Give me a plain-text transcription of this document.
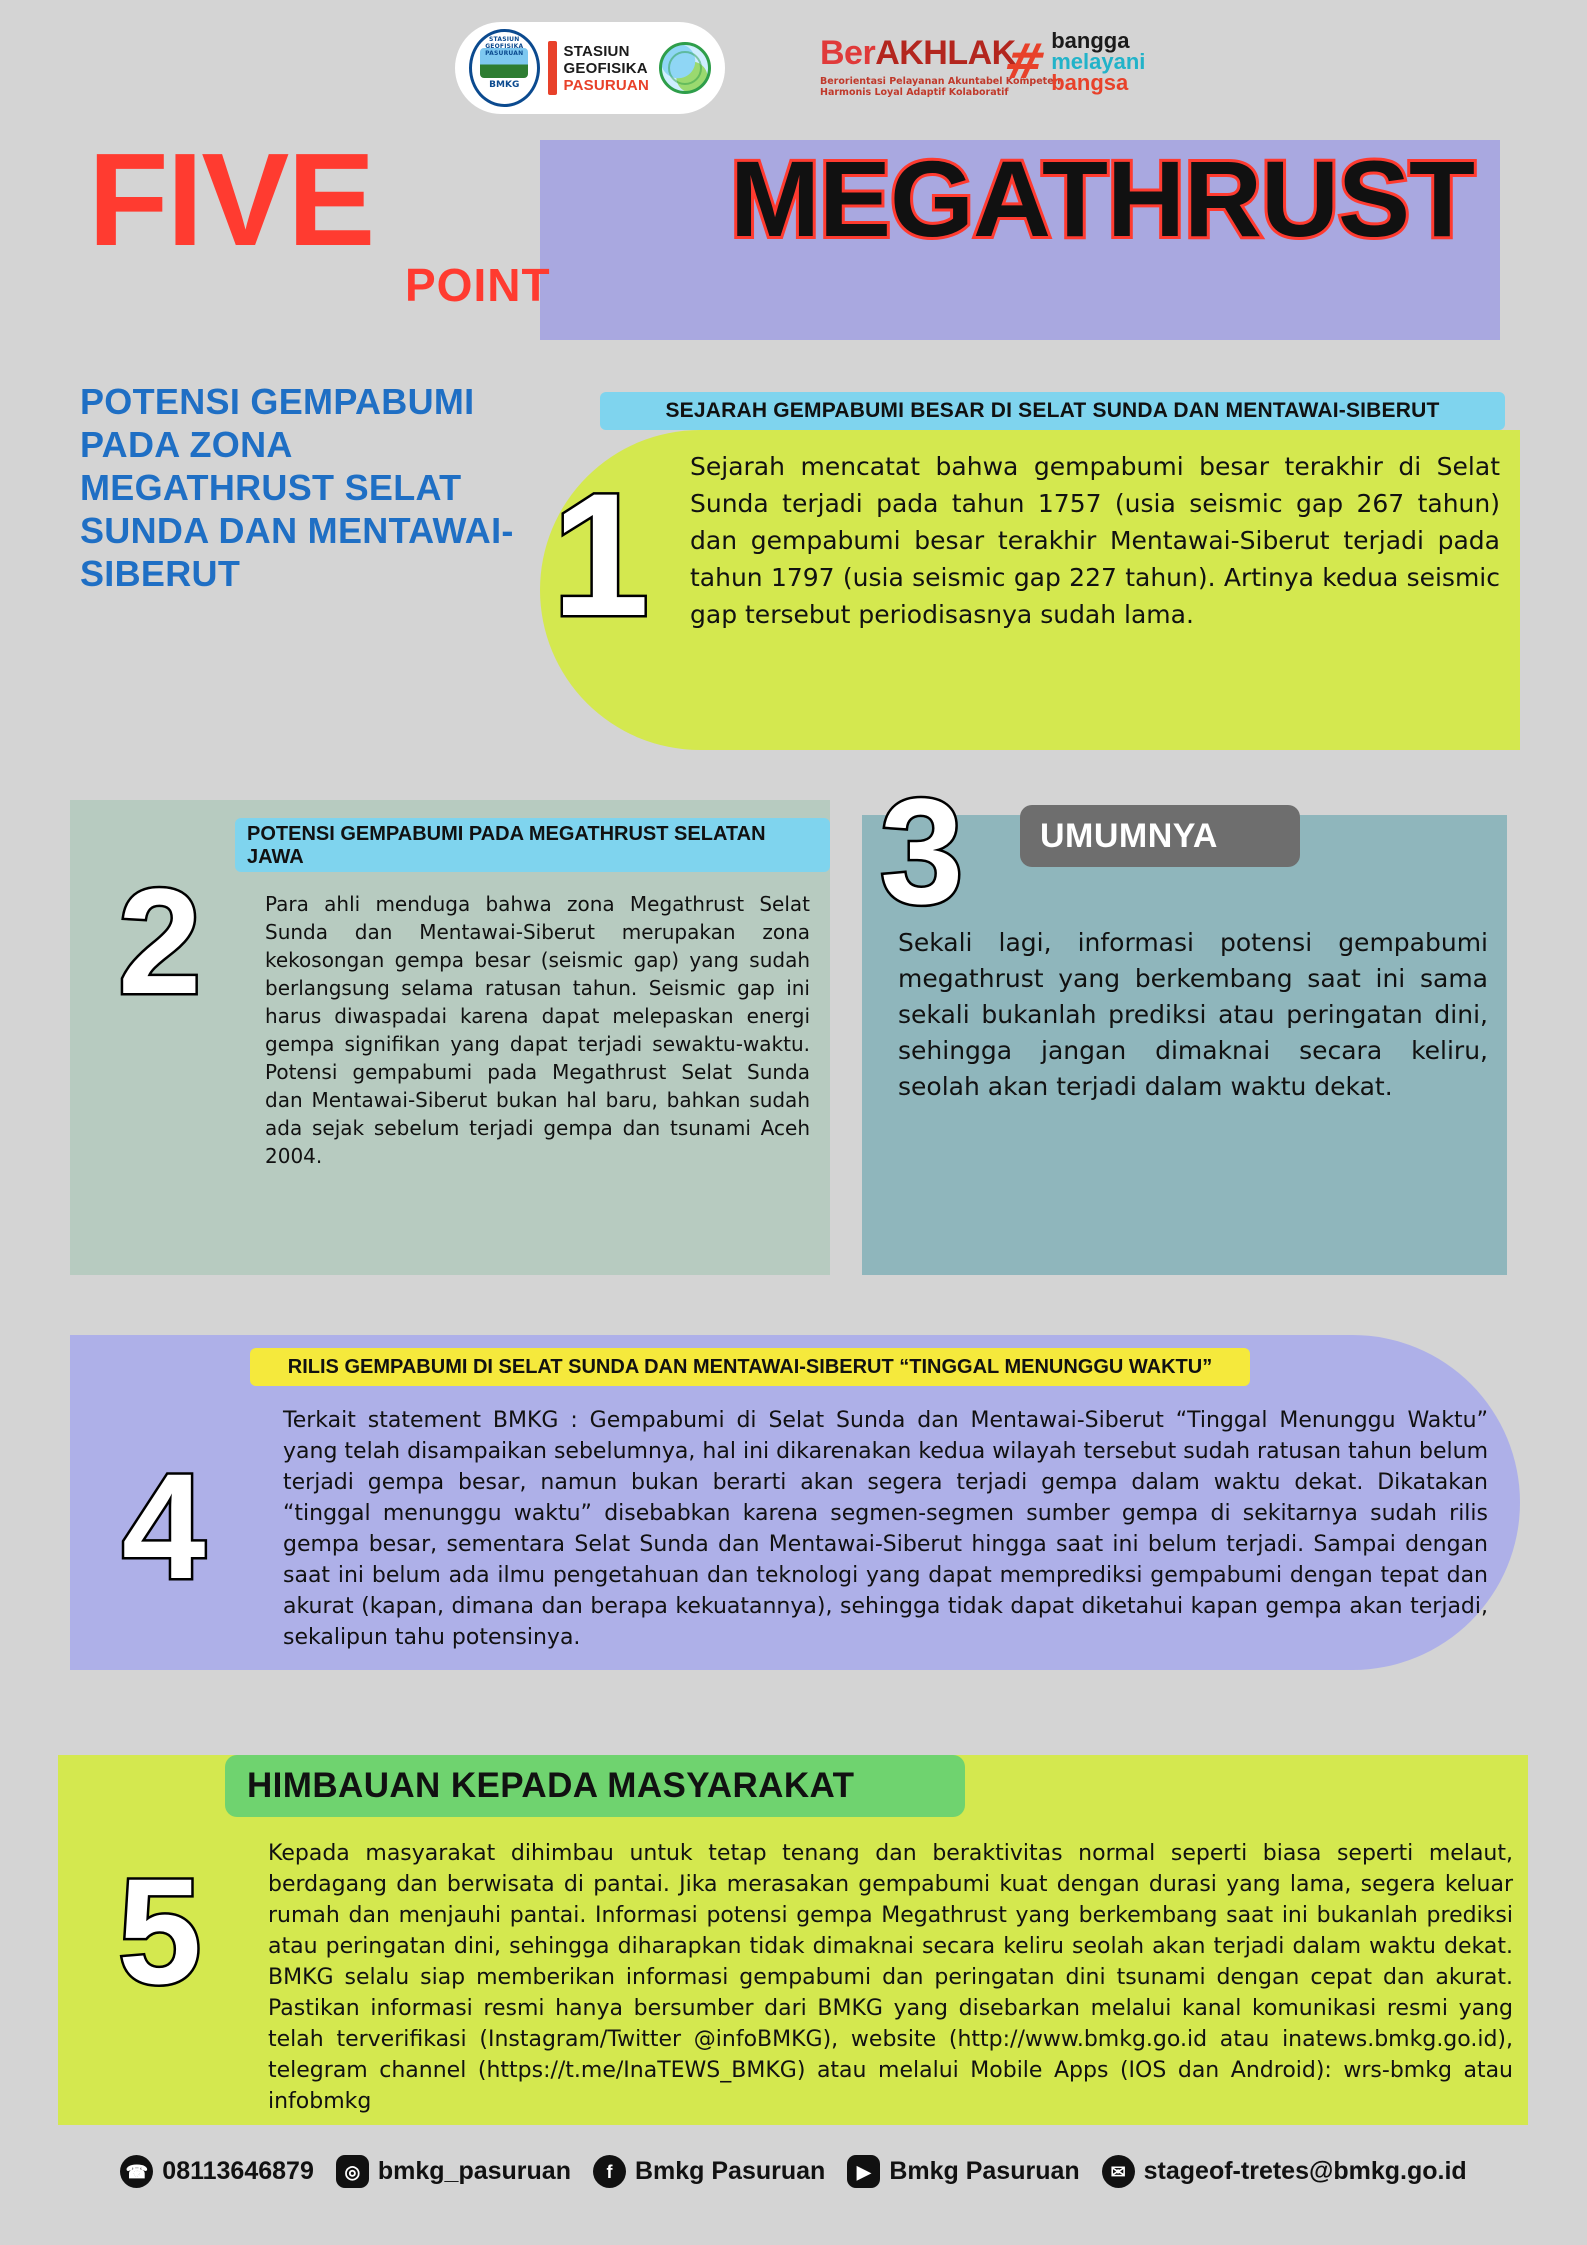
STASIUN GEOFISIKA PASURUAN
BMKG
STASIUN
GEOFISIKA
PASURUAN
BerAKHLAK
Berorientasi Pelayanan Akuntabel Kompeten
Harmonis Loyal Adaptif Kolaboratif
# bangga
melayani
bangsa
FIVE
POINT
MEGATHRUST
POTENSI GEMPABUMI PADA ZONA MEGATHRUST SELAT SUNDA DAN MENTAWAI-SIBERUT
SEJARAH GEMPABUMI BESAR DI SELAT SUNDA DAN MENTAWAI-SIBERUT
1 Sejarah mencatat bahwa gempabumi besar terakhir di Selat Sunda terjadi pada tahun 1757 (usia seismic gap 267 tahun) dan gempabumi besar terakhir Mentawai-Siberut terjadi pada tahun 1797 (usia seismic gap 227 tahun). Artinya kedua seismic gap tersebut periodisasnya sudah lama.
POTENSI GEMPABUMI PADA MEGATHRUST SELATAN JAWA
2	Para ahli menduga bahwa zona Megathrust Selat Sunda dan Mentawai-Siberut merupakan zona kekosongan gempa besar (seismic gap) yang sudah berlangsung selama ratusan tahun. Seismic gap ini harus diwaspadai karena dapat melepaskan energi gempa signifikan yang dapat terjadi sewaktu-waktu. Potensi gempabumi pada Megathrust Selat Sunda dan Mentawai-Siberut bukan hal baru, bahkan sudah ada sejak sebelum terjadi gempa dan tsunami Aceh 2004.
UMUMNYA
3
Sekali lagi, informasi potensi gempabumi megathrust yang berkembang saat ini sama sekali bukanlah prediksi atau peringatan dini, sehingga jangan dimaknai secara keliru, seolah akan terjadi dalam waktu dekat.
RILIS GEMPABUMI DI SELAT SUNDA DAN MENTAWAI-SIBERUT “TINGGAL MENUNGGU WAKTU”
4
Terkait statement BMKG : Gempabumi di Selat Sunda dan Mentawai-Siberut “Tinggal Menunggu Waktu” yang telah disampaikan sebelumnya, hal ini dikarenakan kedua wilayah tersebut sudah ratusan tahun belum terjadi gempa besar, namun bukan berarti akan segera terjadi gempa dalam waktu dekat. Dikatakan “tinggal menunggu waktu” disebabkan karena segmen-segmen sumber gempa di sekitarnya sudah rilis gempa besar, sementara Selat Sunda dan Mentawai-Siberut hingga saat ini belum terjadi. Sampai dengan saat ini belum ada ilmu pengetahuan dan teknologi yang dapat memprediksi gempabumi dengan tepat dan akurat (kapan, dimana dan berapa kekuatannya), sehingga tidak dapat diketahui kapan gempa akan terjadi, sekalipun tahu potensinya.
HIMBAUAN KEPADA MASYARAKAT
5	Kepada masyarakat dihimbau untuk tetap tenang dan beraktivitas normal seperti biasa seperti melaut, berdagang dan berwisata di pantai. Jika merasakan gempabumi kuat dengan durasi yang lama, segera keluar rumah dan menjauhi pantai. Informasi potensi gempa Megathrust yang berkembang saat ini bukanlah prediksi atau peringatan dini, sehingga diharapkan tidak dimaknai secara keliru seolah akan terjadi dalam waktu dekat. BMKG selalu siap memberikan informasi gempabumi dan peringatan dini tsunami dengan cepat dan akurat. Pastikan informasi resmi hanya bersumber dari BMKG yang disebarkan melalui kanal komunikasi resmi yang telah terverifikasi (Instagram/Twitter @infoBMKG), website (http://www.bmkg.go.id atau inatews.bmkg.go.id), telegram channel (https://t.me/InaTEWS_BMKG) atau melalui Mobile Apps (IOS dan Android): wrs-bmkg atau infobmkg
☎ 08113646879	◎ bmkg_pasuruan	f Bmkg Pasuruan	▶ Bmkg Pasuruan	✉ stageof-tretes@bmkg.go.id
